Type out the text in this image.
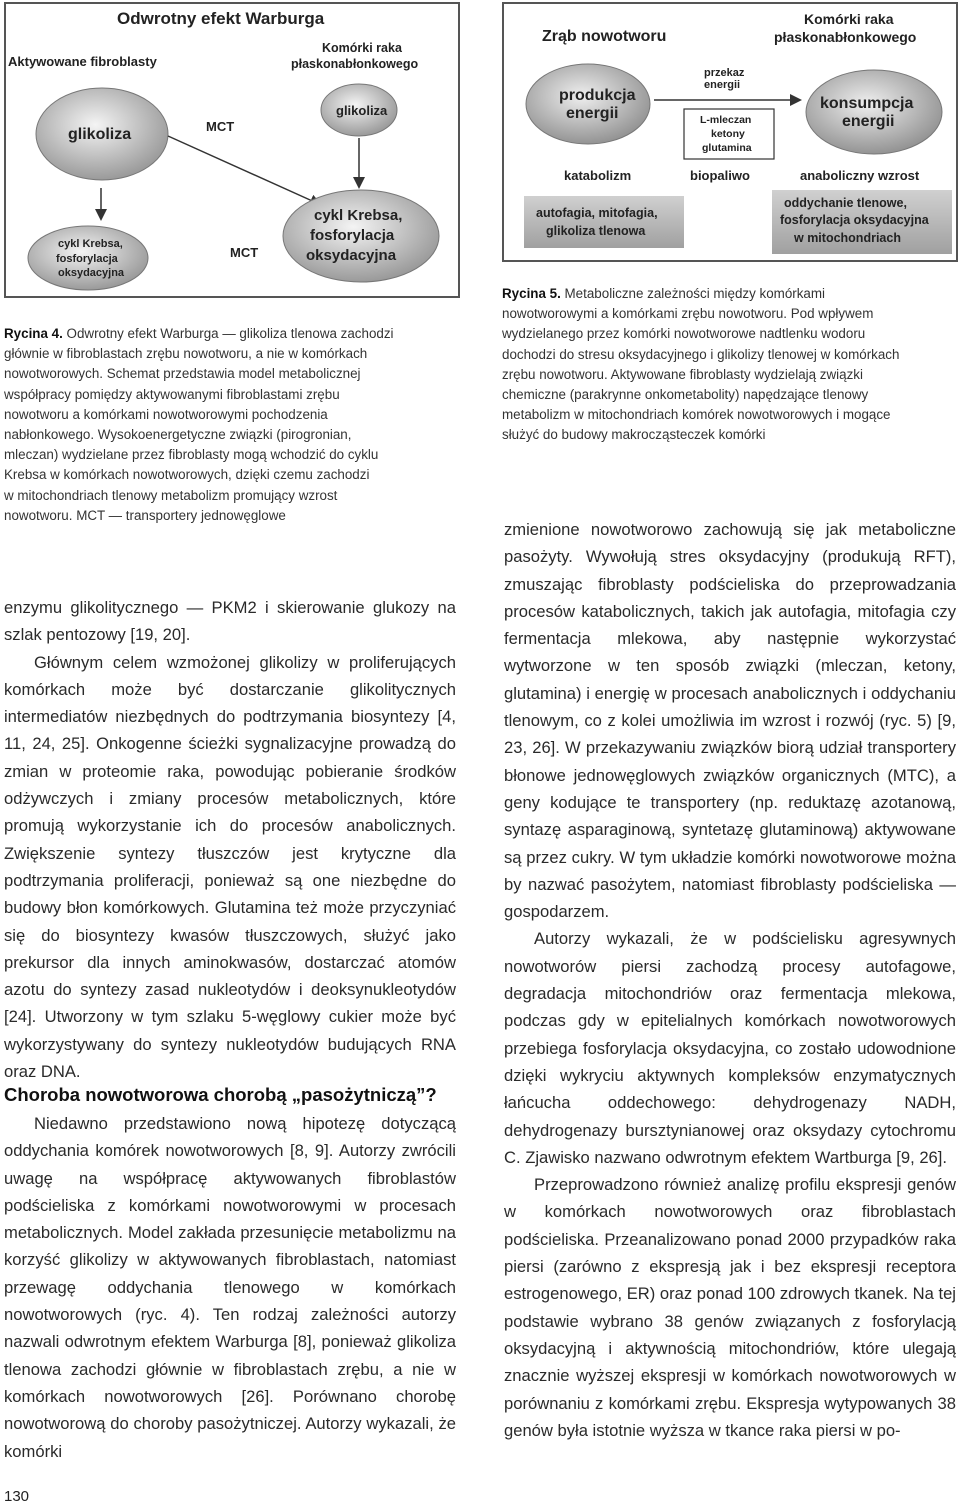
Odwrotny efekt Warburga
Aktywowane fibroblasty
Komórki raka
płaskonabłonkowego
glikoliza
glikoliza
MCT
cykl Krebsa,
fosforylacja
oksydacyjna
MCT
cykl Krebsa,
fosforylacja
oksydacyjna
Zrąb nowotworu
Komórki raka
płaskonabłonkowego
produkcja
energii
przekaz
energii
L-mleczan
ketony
glutamina
konsumpcja
energii
katabolizm	biopaliwo	anaboliczny wzrost
autofagia, mitofagia,
glikoliza tlenowa
oddychanie tlenowe,
fosforylacja oksydacyjna
w mitochondriach
Rycina 4. Odwrotny efekt Warburga — glikoliza tlenowa zachodzi
głównie w fibroblastach zrębu nowotworu, a nie w komórkach
nowotworowych. Schemat przedstawia model metabolicznej
współpracy pomiędzy aktywowanymi fibroblastami zrębu
nowotworu a komórkami nowotworowymi pochodzenia
nabłonkowego. Wysokoenergetyczne związki (pirogronian,
mleczan) wydzielane przez fibroblasty mogą wchodzić do cyklu
Krebsa w komórkach nowotworowych, dzięki czemu zachodzi
w mitochondriach tlenowy metabolizm promujący wzrost
nowotworu. MCT — transportery jednowęglowe
Rycina 5. Metaboliczne zależności między komórkami
nowotworowymi a komórkami zrębu nowotworu. Pod wpływem
wydzielanego przez komórki nowotworowe nadtlenku wodoru
dochodzi do stresu oksydacyjnego i glikolizy tlenowej w komórkach
zrębu nowotworu. Aktywowane fibroblasty wydzielają związki
chemiczne (parakrynne onkometabolity) napędzające tlenowy
metabolizm w mitochondriach komórek nowotworowych i mogące
służyć do budowy makrocząsteczek komórki

enzymu glikolitycznego — PKM2 i skierowanie glukozy na szlak pentozowy [19, 20].

Głównym celem wzmożonej glikolizy w proliferujących komórkach może być dostarczanie glikolitycznych intermediatów niezbędnych do podtrzymania biosyntezy [4, 11, 24, 25]. Onkogenne ścieżki sygnalizacyjne prowadzą do zmian w proteomie raka, powodując pobieranie środków odżywczych i zmiany procesów metabolicznych, które promują wykorzystanie ich do procesów anabolicznych. Zwiększenie syntezy tłuszczów jest krytyczne dla podtrzymania proliferacji, ponieważ są one niezbędne do budowy błon komórkowych. Glutamina też może przyczyniać się do biosyntezy kwasów tłuszczowych, służyć jako prekursor dla innych aminokwasów, dostarczać atomów azotu do syntezy zasad nukleotydów i deoksynukleotydów [24]. Utworzony w tym szlaku 5-węglowy cukier może być wykorzystywany do syntezy nukleotydów budujących RNA oraz DNA.

Choroba nowotworowa chorobą „pasożytniczą”?

Niedawno przedstawiono nową hipotezę dotyczącą oddychania komórek nowotworowych [8, 9]. Autorzy zwrócili uwagę na współpracę aktywowanych fibroblastów podścieliska z komórkami nowotworowymi w procesach metabolicznych. Model zakłada przesunięcie metabolizmu na korzyść glikolizy w aktywowanych fibroblastach, natomiast przewagę oddychania tlenowego w komórkach nowotworowych (ryc. 4). Ten rodzaj zależności autorzy nazwali odwrotnym efektem Warburga [8], ponieważ glikoliza tlenowa zachodzi głównie w fibroblastach zrębu, a nie w komórkach nowotworowych [26]. Porównano chorobę nowotworową do choroby pasożytniczej. Autorzy wykazali, że komórki

zmienione nowotworowo zachowują się jak metaboliczne pasożyty. Wywołują stres oksydacyjny (produkują RFT), zmuszając fibroblasty podścieliska do przeprowadzania procesów katabolicznych, takich jak autofagia, mitofagia czy fermentacja mlekowa, aby następnie wykorzystać wytworzone w ten sposób związki (mleczan, ketony, glutamina) i energię w procesach anabolicznych i oddychaniu tlenowym, co z kolei umożliwia im wzrost i rozwój (ryc. 5) [9, 23, 26]. W przekazywaniu związków biorą udział transportery błonowe jednowęglowych związków organicznych (MTC), a geny kodujące te transportery (np. reduktazę azotanową, syntazę asparaginową, syntetazę glutaminową) aktywowane są przez cukry. W tym układzie komórki nowotworowe można by nazwać pasożytem, natomiast fibroblasty podścieliska — gospodarzem.

Autorzy wykazali, że w podścielisku agresywnych nowotworów piersi zachodzą procesy autofagowe, degradacja mitochondriów oraz fermentacja mlekowa, podczas gdy w epitelialnych komórkach nowotworowych przebiega fosforylacja oksydacyjna, co zostało udowodnione dzięki wykryciu aktywnych kompleksów enzymatycznych łańcucha oddechowego: dehydrogenazy NADH, dehydrogenazy bursztynianowej oraz oksydazy cytochromu C. Zjawisko nazwano odwrotnym efektem Wartburga [9, 26].

Przeprowadzono również analizę profilu ekspresji genów w komórkach nowotworowych oraz fibroblastach podścieliska. Przeanalizowano ponad 2000 przypadków raka piersi (zarówno z ekspresją jak i bez ekspresji receptora estrogenowego, ER) oraz ponad 100 zdrowych tkanek. Na tej podstawie wybrano 38 genów związanych z fosforylacją oksydacyjną i aktywnością mitochondriów, które ulegają znacznie wyższej ekspresji w komórkach nowotworowych w porównaniu z komórkami zrębu. Ekspresja wytypowanych 38 genów była istotnie wyższa w tkance raka piersi w po-

130
